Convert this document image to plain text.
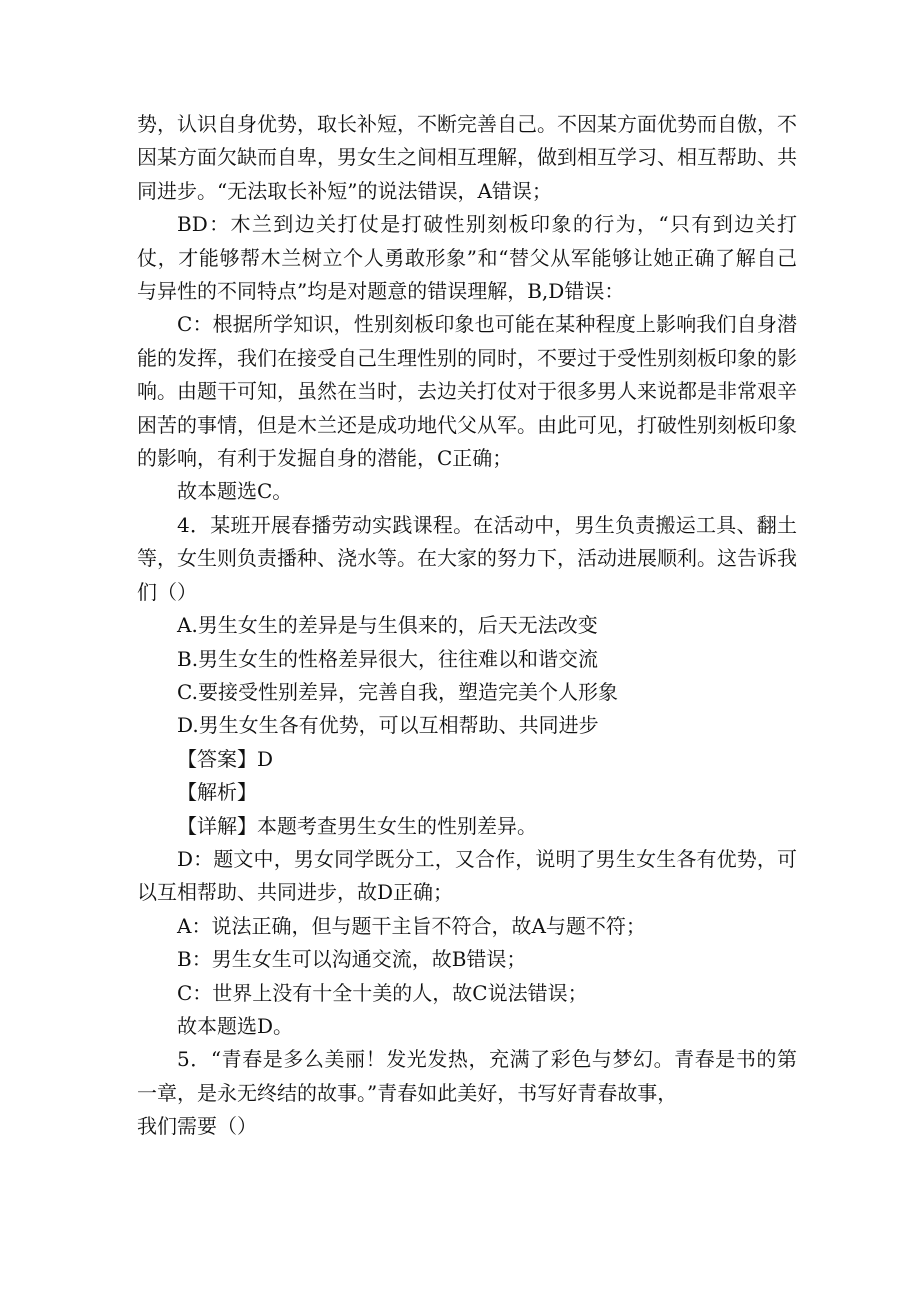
势，认识自身优势，取长补短，不断完善自己。不因某方面优势而自傲，不因某方面欠缺而自卑，男女生之间相互理解，做到相互学习、相互帮助、共同进步。“无法取长补短”的说法错误，A错误；

BD：木兰到边关打仗是打破性别刻板印象的行为，“只有到边关打仗，才能够帮木兰树立个人勇敢形象”和“替父从军能够让她正确了解自己与异性的不同特点”均是对题意的错误理解，B,D错误：

C：根据所学知识，性别刻板印象也可能在某种程度上影响我们自身潜能的发挥，我们在接受自己生理性别的同时，不要过于受性别刻板印象的影响。由题干可知，虽然在当时，去边关打仗对于很多男人来说都是非常艰辛困苦的事情，但是木兰还是成功地代父从军。由此可见，打破性别刻板印象的影响，有利于发掘自身的潜能，C正确；

故本题选C。

4．某班开展春播劳动实践课程。在活动中，男生负责搬运工具、翻土等，女生则负责播种、浇水等。在大家的努力下，活动进展顺利。这告诉我们（）

A.男生女生的差异是与生俱来的，后天无法改变

B.男生女生的性格差异很大，往往难以和谐交流

C.要接受性别差异，完善自我，塑造完美个人形象

D.男生女生各有优势，可以互相帮助、共同进步

【答案】D

【解析】

【详解】本题考查男生女生的性别差异。

D：题文中，男女同学既分工，又合作，说明了男生女生各有优势，可以互相帮助、共同进步，故D正确；

A：说法正确，但与题干主旨不符合，故A与题不符；

B：男生女生可以沟通交流，故B错误；

C：世界上没有十全十美的人，故C说法错误；

故本题选D。

5．“青春是多么美丽！发光发热，充满了彩色与梦幻。青春是书的第一章，是永无终结的故事。”青春如此美好，书写好青春故事，

我们需要（）
